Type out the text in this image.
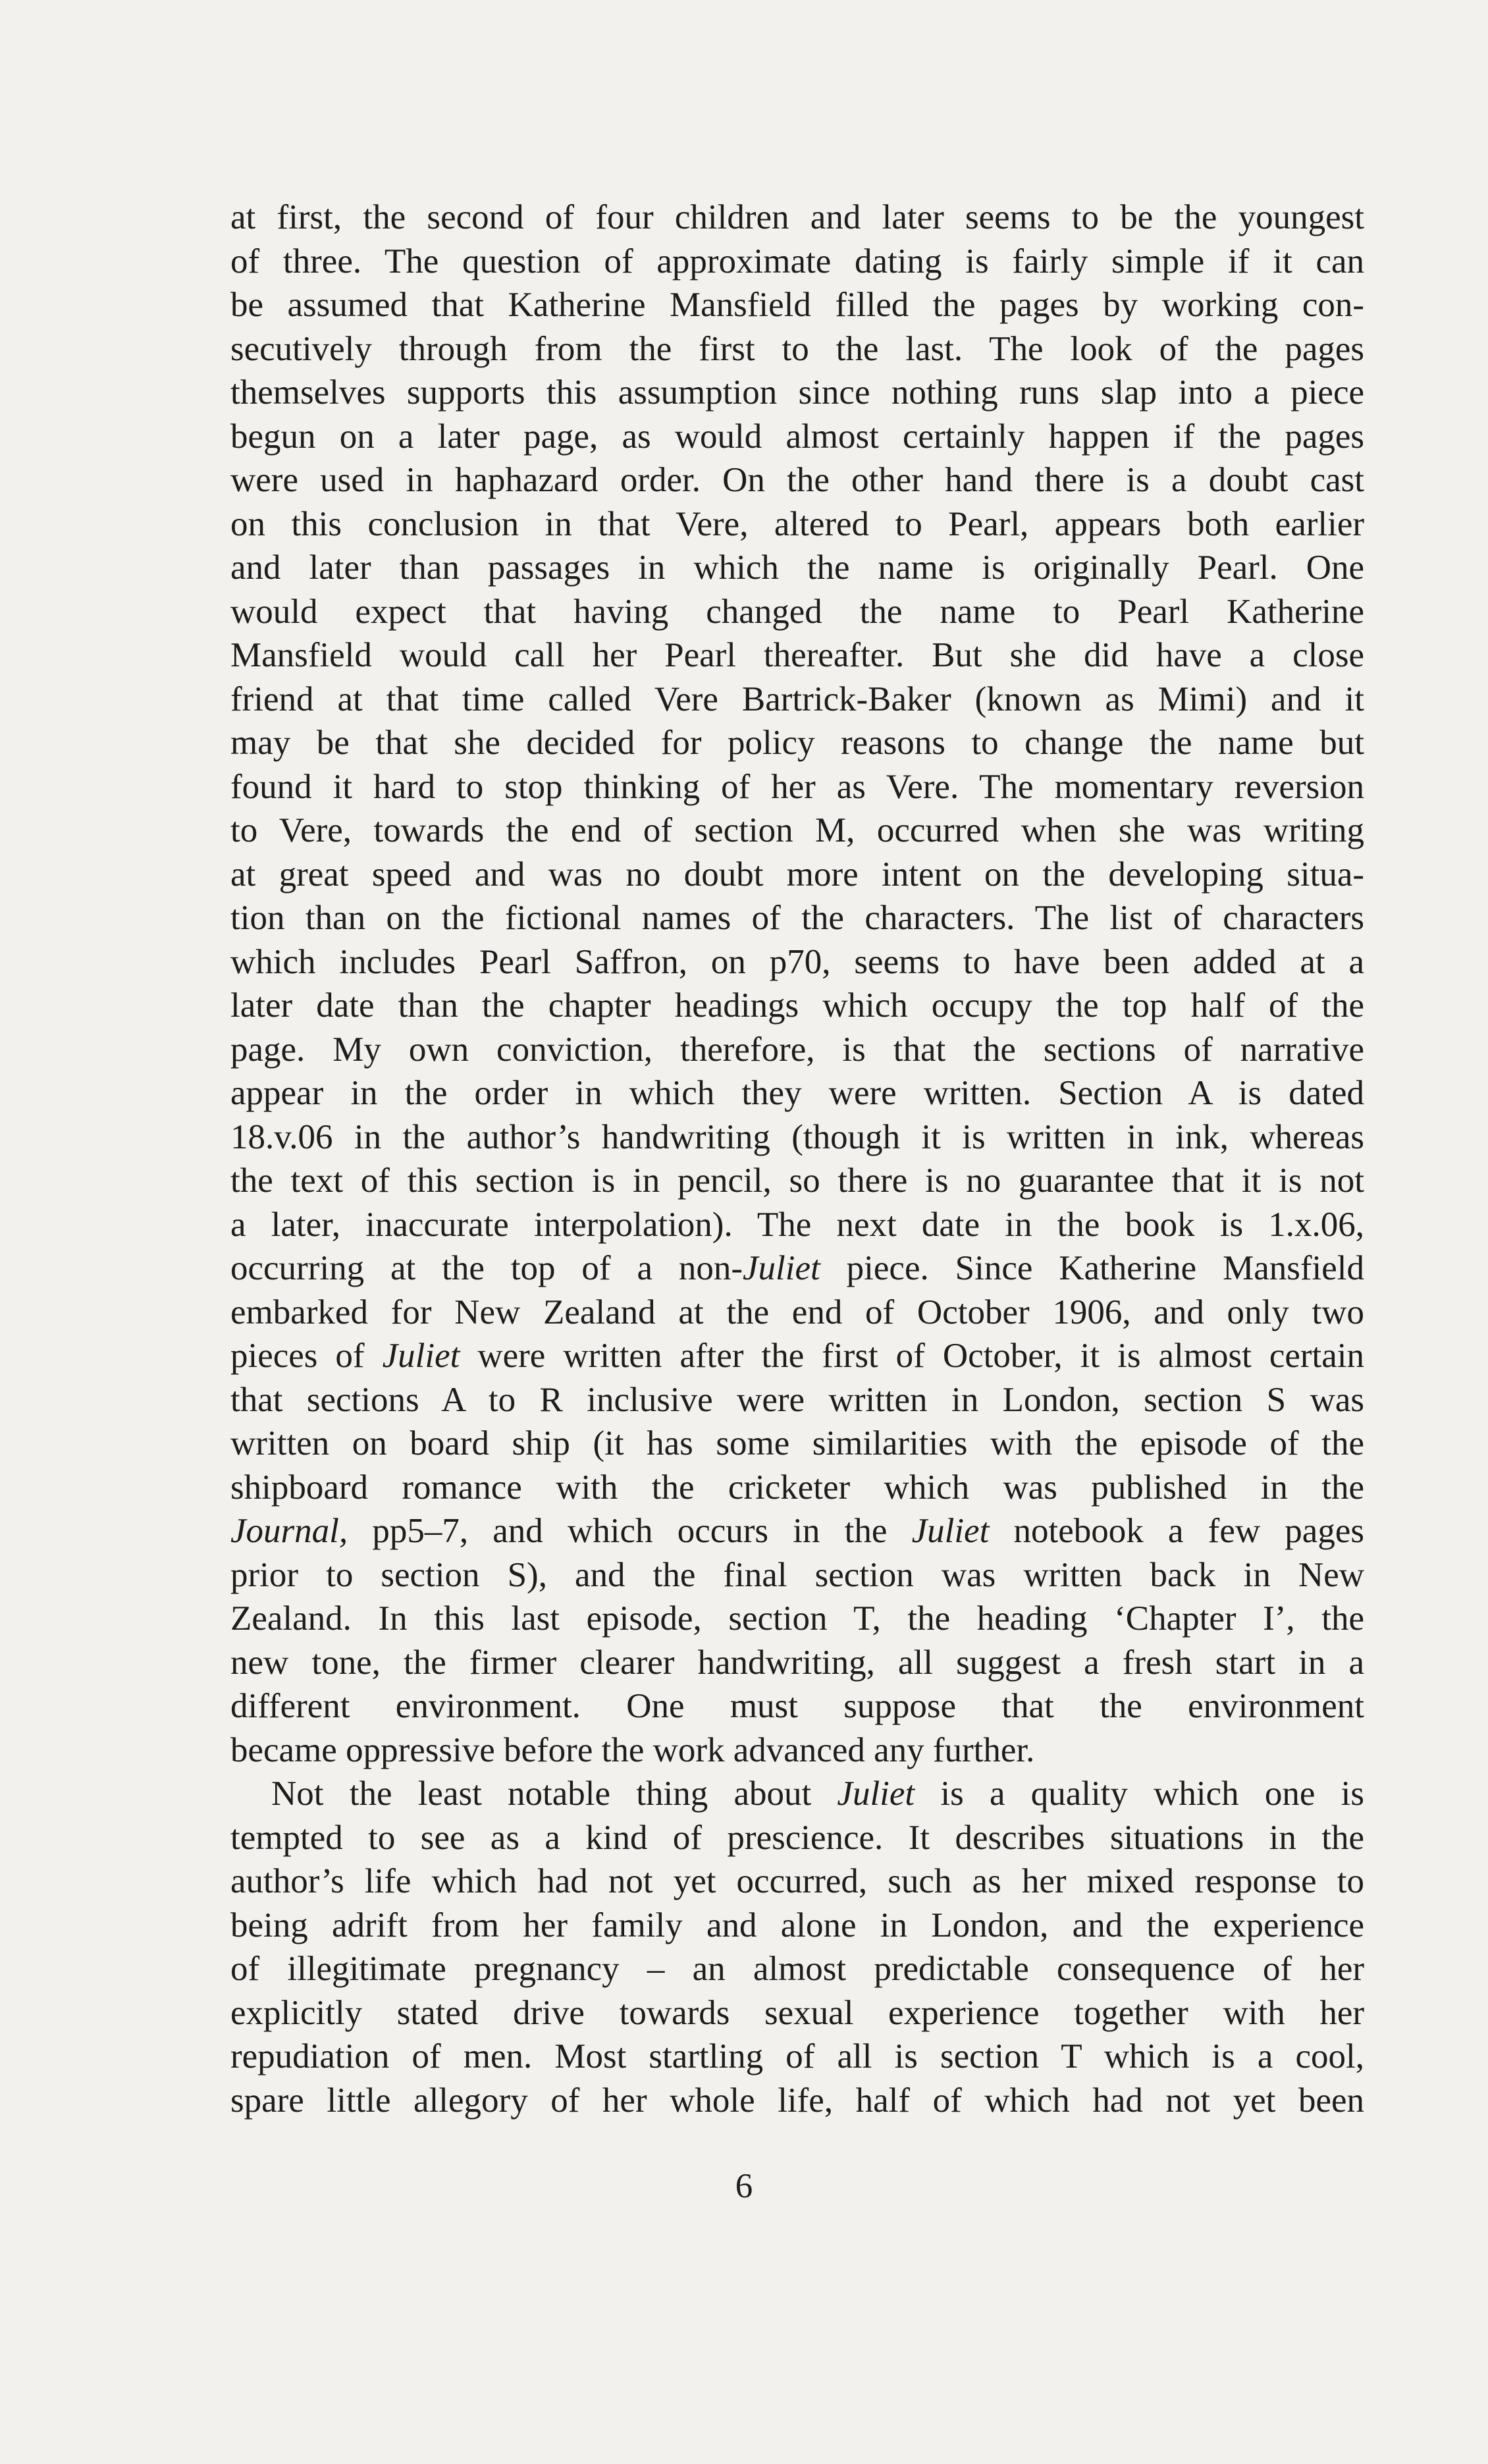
at first, the second of four children and later seems to be the youngest
of three. The question of approximate dating is fairly simple if it can
be assumed that Katherine Mansfield filled the pages by working con-
secutively through from the first to the last. The look of the pages
themselves supports this assumption since nothing runs slap into a piece
begun on a later page, as would almost certainly happen if the pages
were used in haphazard order. On the other hand there is a doubt cast
on this conclusion in that Vere, altered to Pearl, appears both earlier
and later than passages in which the name is originally Pearl. One
would expect that having changed the name to Pearl Katherine
Mansfield would call her Pearl thereafter. But she did have a close
friend at that time called Vere Bartrick-Baker (known as Mimi) and it
may be that she decided for policy reasons to change the name but
found it hard to stop thinking of her as Vere. The momentary reversion
to Vere, towards the end of section M, occurred when she was writing
at great speed and was no doubt more intent on the developing situa-
tion than on the fictional names of the characters. The list of characters
which includes Pearl Saffron, on p70, seems to have been added at a
later date than the chapter headings which occupy the top half of the
page. My own conviction, therefore, is that the sections of narrative
appear in the order in which they were written. Section A is dated
18.v.06 in the author’s handwriting (though it is written in ink, whereas
the text of this section is in pencil, so there is no guarantee that it is not
a later, inaccurate interpolation). The next date in the book is 1.x.06,
occurring at the top of a non-Juliet piece. Since Katherine Mansfield
embarked for New Zealand at the end of October 1906, and only two
pieces of Juliet were written after the first of October, it is almost certain
that sections A to R inclusive were written in London, section S was
written on board ship (it has some similarities with the episode of the
shipboard romance with the cricketer which was published in the
Journal, pp5–7, and which occurs in the Juliet notebook a few pages
prior to section S), and the final section was written back in New
Zealand. In this last episode, section T, the heading ‘Chapter I’, the
new tone, the firmer clearer handwriting, all suggest a fresh start in a
different environment. One must suppose that the environment
became oppressive before the work advanced any further.

Not the least notable thing about Juliet is a quality which one is
tempted to see as a kind of prescience. It describes situations in the
author’s life which had not yet occurred, such as her mixed response to
being adrift from her family and alone in London, and the experience
of illegitimate pregnancy – an almost predictable consequence of her
explicitly stated drive towards sexual experience together with her
repudiation of men. Most startling of all is section T which is a cool,
spare little allegory of her whole life, half of which had not yet been

6
